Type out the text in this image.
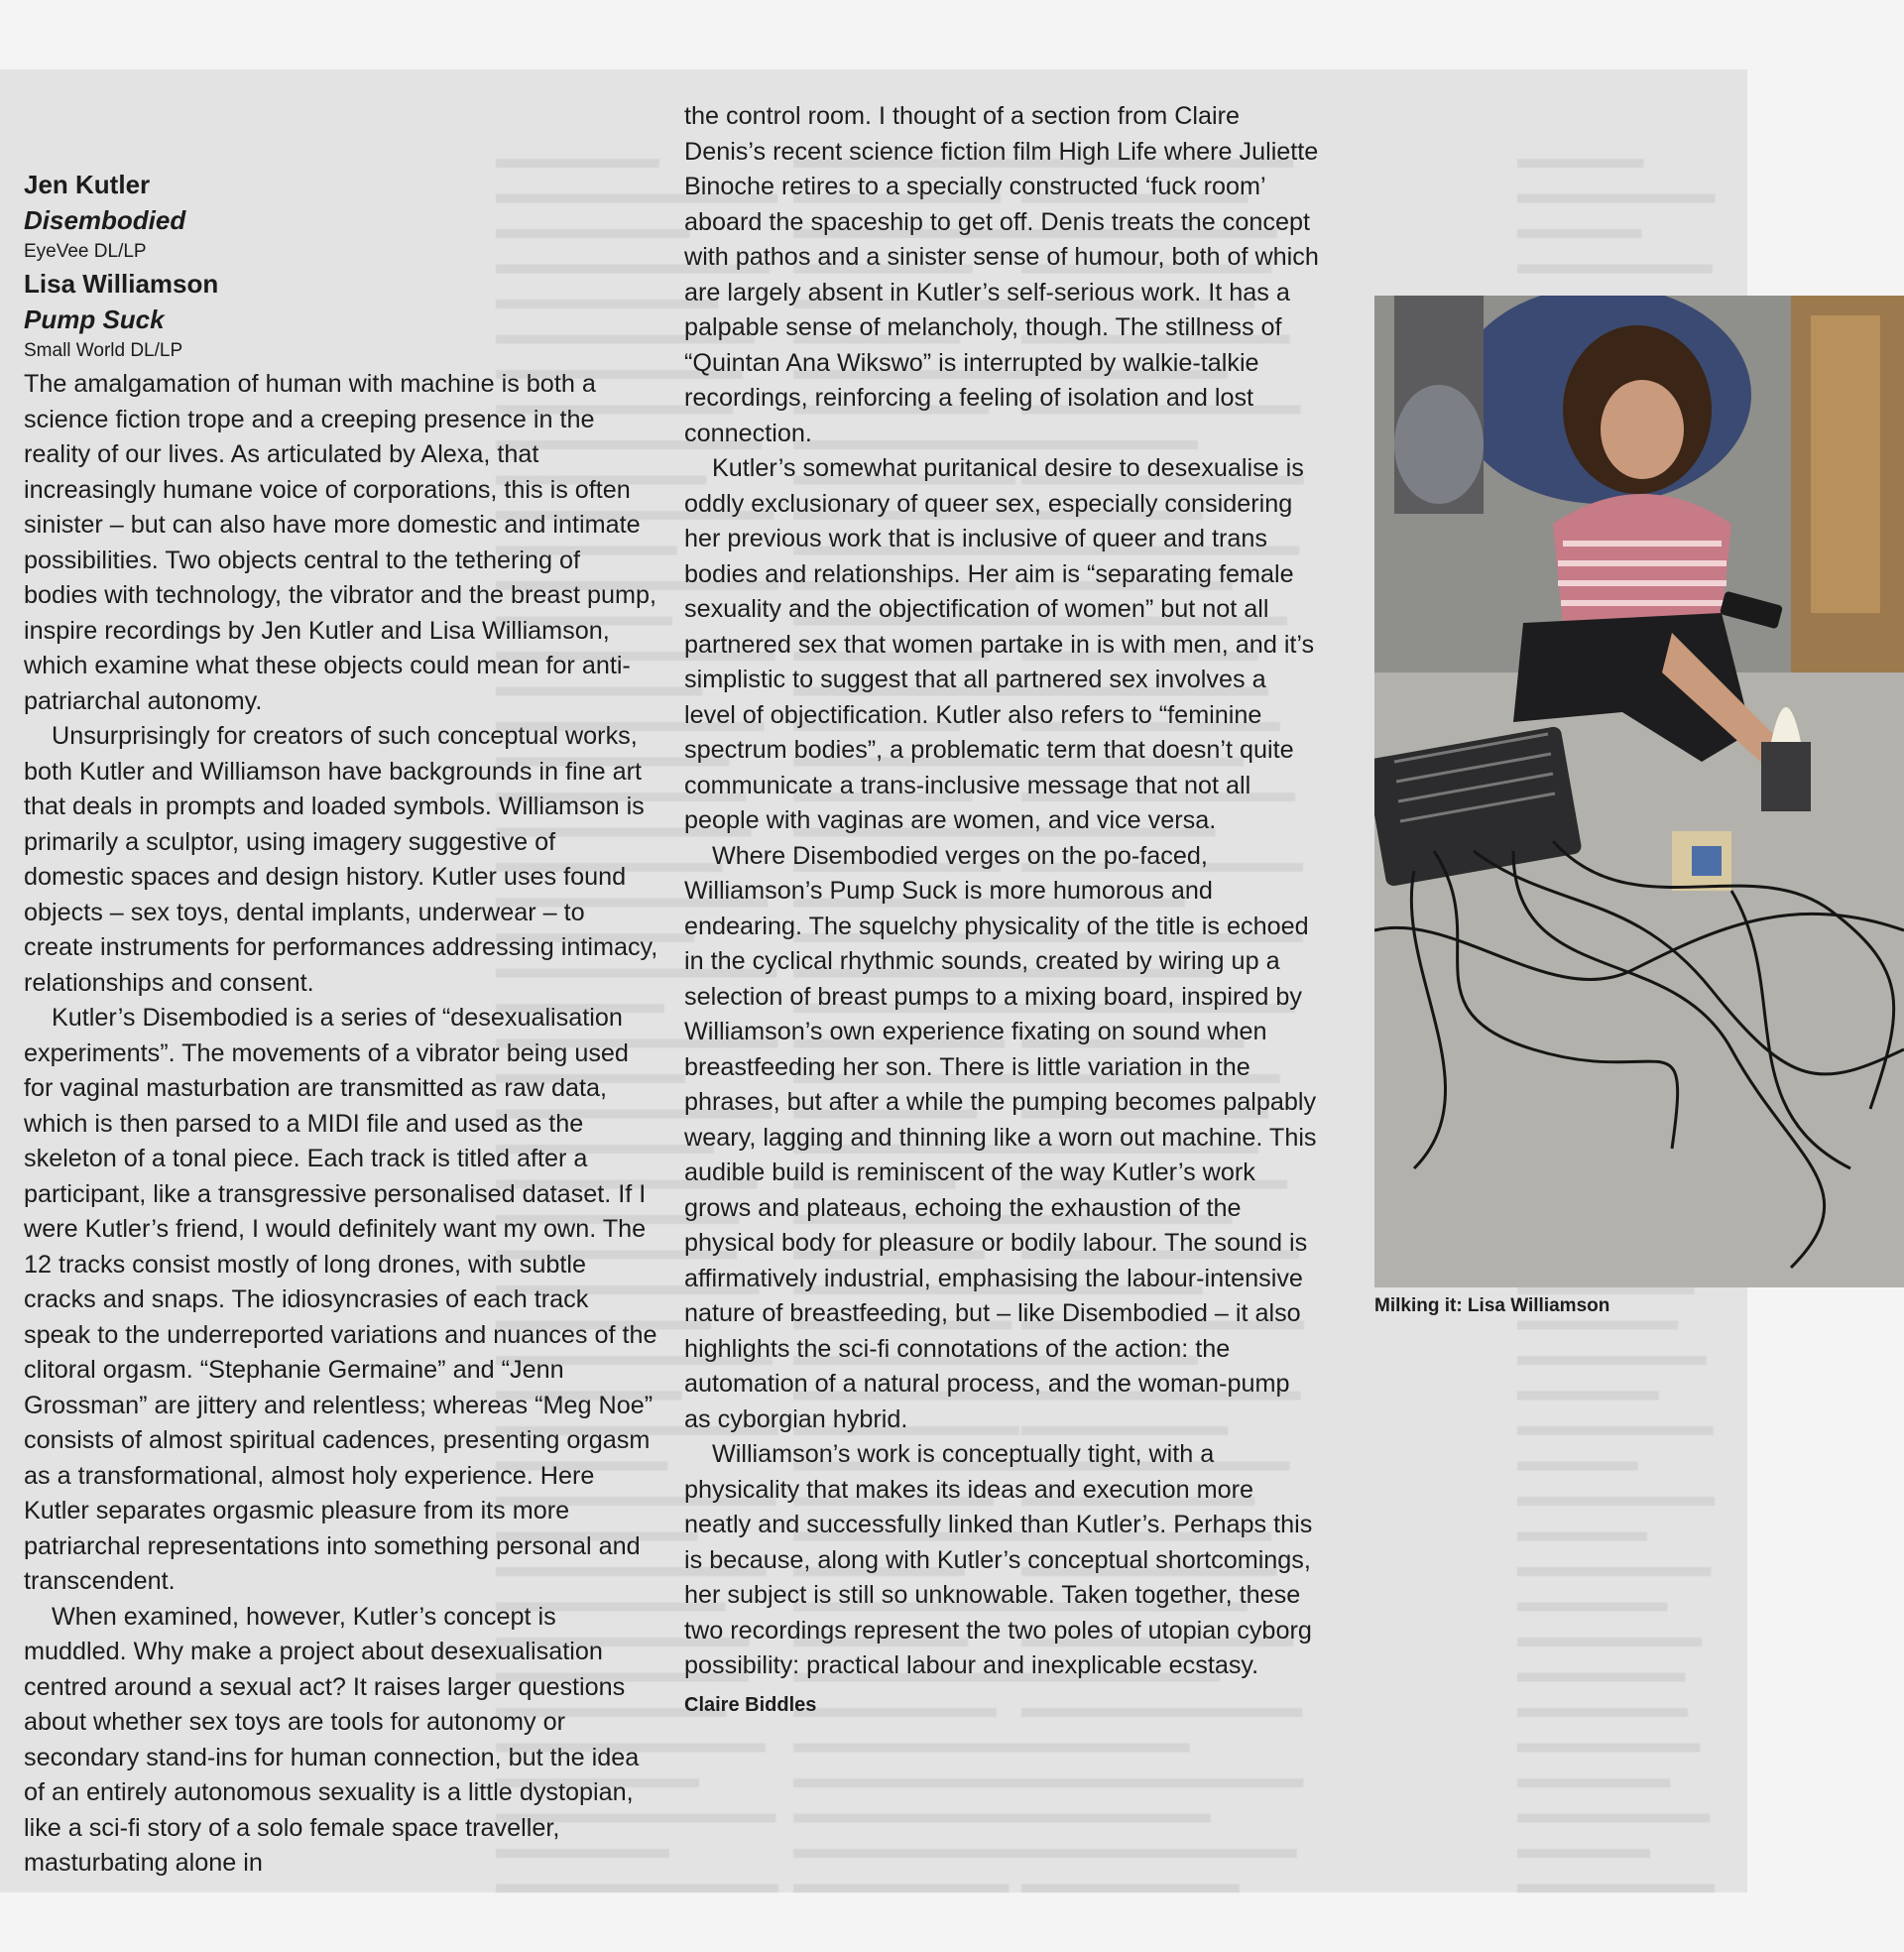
Jen Kutler
Disembodied
EyeVee DL/LP
Lisa Williamson
Pump Suck
Small World DL/LP

The amalgamation of human with machine is both a science fiction trope and a creeping presence in the reality of our lives. As articulated by Alexa, that increasingly humane voice of corporations, this is often sinister – but can also have more domestic and intimate possibilities. Two objects central to the tethering of bodies with technology, the vibrator and the breast pump, inspire recordings by Jen Kutler and Lisa Williamson, which examine what these objects could mean for anti-patriarchal autonomy.

Unsurprisingly for creators of such conceptual works, both Kutler and Williamson have backgrounds in fine art that deals in prompts and loaded symbols. Williamson is primarily a sculptor, using imagery suggestive of domestic spaces and design history. Kutler uses found objects – sex toys, dental implants, underwear – to create instruments for performances addressing intimacy, relationships and consent.

Kutler’s Disembodied is a series of “desexualisation experiments”. The movements of a vibrator being used for vaginal masturbation are transmitted as raw data, which is then parsed to a MIDI file and used as the skeleton of a tonal piece. Each track is titled after a participant, like a transgressive personalised dataset. If I were Kutler’s friend, I would definitely want my own. The 12 tracks consist mostly of long drones, with subtle cracks and snaps. The idiosyncrasies of each track speak to the underreported variations and nuances of the clitoral orgasm. “Stephanie Germaine” and “Jenn Grossman” are jittery and relentless; whereas “Meg Noe” consists of almost spiritual cadences, presenting orgasm as a transformational, almost holy experience. Here Kutler separates orgasmic pleasure from its more patriarchal representations into something personal and transcendent.

When examined, however, Kutler’s concept is muddled. Why make a project about desexualisation centred around a sexual act? It raises larger questions about whether sex toys are tools for autonomy or secondary stand-ins for human connection, but the idea of an entirely autonomous sexuality is a little dystopian, like a sci-fi story of a solo female space traveller, masturbating alone in

the control room. I thought of a section from Claire Denis’s recent science fiction film High Life where Juliette Binoche retires to a specially constructed ‘fuck room’ aboard the spaceship to get off. Denis treats the concept with pathos and a sinister sense of humour, both of which are largely absent in Kutler’s self-serious work. It has a palpable sense of melancholy, though. The stillness of “Quintan Ana Wikswo” is interrupted by walkie-talkie recordings, reinforcing a feeling of isolation and lost connection.

Kutler’s somewhat puritanical desire to desexualise is oddly exclusionary of queer sex, especially considering her previous work that is inclusive of queer and trans bodies and relationships. Her aim is “separating female sexuality and the objectification of women” but not all partnered sex that women partake in is with men, and it’s simplistic to suggest that all partnered sex involves a level of objectification. Kutler also refers to “feminine spectrum bodies”, a problematic term that doesn’t quite communicate a trans-inclusive message that not all people with vaginas are women, and vice versa.

Where Disembodied verges on the po-faced, Williamson’s Pump Suck is more humorous and endearing. The squelchy physicality of the title is echoed in the cyclical rhythmic sounds, created by wiring up a selection of breast pumps to a mixing board, inspired by Williamson’s own experience fixating on sound when breastfeeding her son. There is little variation in the phrases, but after a while the pumping becomes palpably weary, lagging and thinning like a worn out machine. This audible build is reminiscent of the way Kutler’s work grows and plateaus, echoing the exhaustion of the physical body for pleasure or bodily labour. The sound is affirmatively industrial, emphasising the labour-intensive nature of breastfeeding, but – like Disembodied – it also highlights the sci-fi connotations of the action: the automation of a natural process, and the woman-pump as cyborgian hybrid.

Williamson’s work is conceptually tight, with a physicality that makes its ideas and execution more neatly and successfully linked than Kutler’s. Perhaps this is because, along with Kutler’s conceptual shortcomings, her subject is still so unknowable. Taken together, these two recordings represent the two poles of utopian cyborg possibility: practical labour and inexplicable ecstasy.

Claire Biddles
Milking it: Lisa Williamson
